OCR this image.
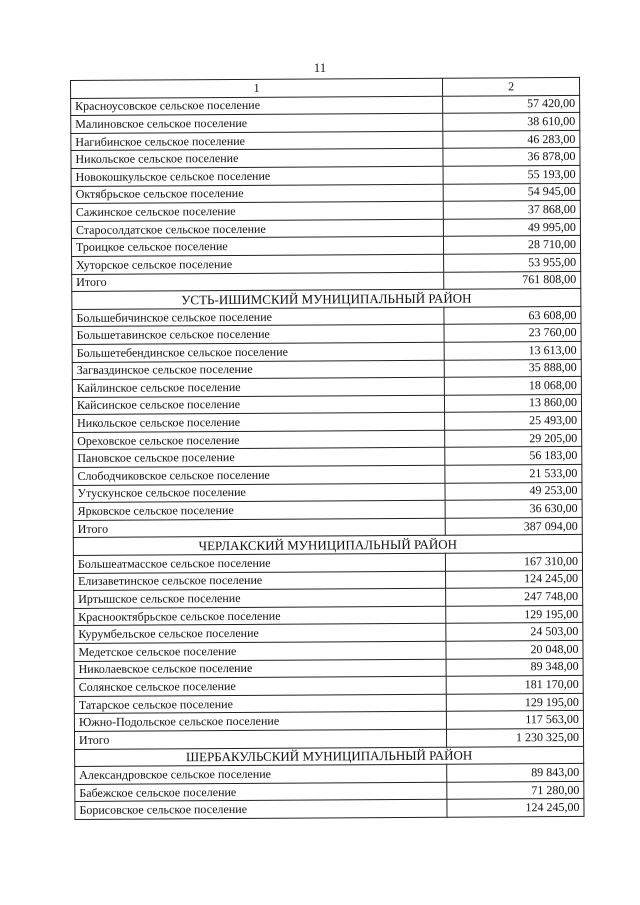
11
1	2
Красноусовское сельское поселение	57 420,00
Малиновское сельское поселение	38 610,00
Нагибинское сельское поселение	46 283,00
Никольское сельское поселение	36 878,00
Новокошкульское сельское поселение	55 193,00
Октябрьское сельское поселение	54 945,00
Сажинское сельское поселение	37 868,00
Старосолдатское сельское поселение	49 995,00
Троицкое сельское поселение	28 710,00
Хуторское сельское поселение	53 955,00
Итого	761 808,00
УСТЬ-ИШИМСКИЙ МУНИЦИПАЛЬНЫЙ РАЙОН	
Большебичинское сельское поселение	63 608,00
Большетавинское сельское поселение	23 760,00
Большетебендинское сельское поселение	13 613,00
Загваздинское сельское поселение	35 888,00
Кайлинское сельское поселение	18 068,00
Кайсинское сельское поселение	13 860,00
Никольское сельское поселение	25 493,00
Ореховское сельское поселение	29 205,00
Пановское сельское поселение	56 183,00
Слободчиковское сельское поселение	21 533,00
Утускунское сельское поселение	49 253,00
Ярковское сельское поселение	36 630,00
Итого	387 094,00
ЧЕРЛАКСКИЙ МУНИЦИПАЛЬНЫЙ РАЙОН	
Большеатмасское сельское поселение	167 310,00
Елизаветинское сельское поселение	124 245,00
Иртышское сельское поселение	247 748,00
Краснооктябрьское сельское поселение	129 195,00
Курумбельское сельское поселение	24 503,00
Медетское сельское поселение	20 048,00
Николаевское сельское поселение	89 348,00
Солянское сельское поселение	181 170,00
Татарское сельское поселение	129 195,00
Южно-Подольское сельское поселение	117 563,00
Итого	1 230 325,00
ШЕРБАКУЛЬСКИЙ МУНИЦИПАЛЬНЫЙ РАЙОН	
Александровское сельское поселение	89 843,00
Бабежское сельское поселение	71 280,00
Борисовское сельское поселение	124 245,00
